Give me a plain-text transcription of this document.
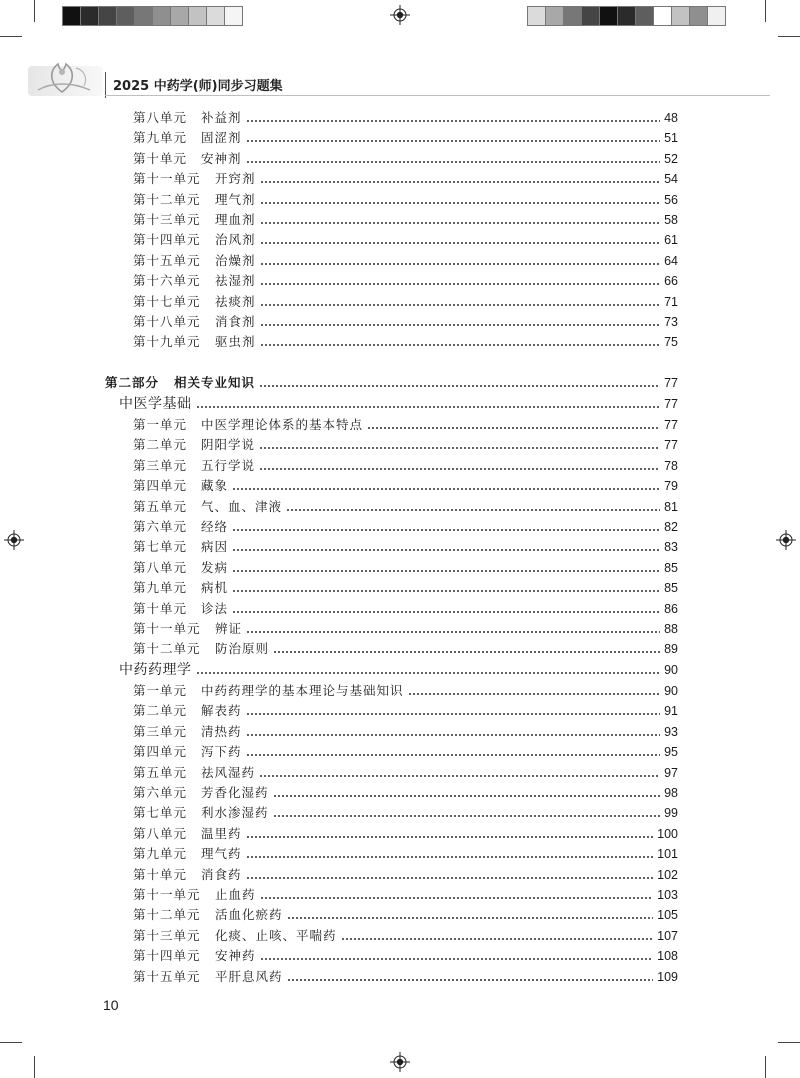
2025 中药学(师)同步习题集
第八单元 补益剂	48
第九单元 固涩剂	51
第十单元 安神剂	52
第十一单元 开窍剂	54
第十二单元 理气剂	56
第十三单元 理血剂	58
第十四单元 治风剂	61
第十五单元 治燥剂	64
第十六单元 祛湿剂	66
第十七单元 祛痰剂	71
第十八单元 消食剂	73
第十九单元 驱虫剂	75
第二部分 相关专业知识	77
中医学基础	77
第一单元 中医学理论体系的基本特点	77
第二单元 阴阳学说	77
第三单元 五行学说	78
第四单元 藏象	79
第五单元 气、血、津液	81
第六单元 经络	82
第七单元 病因	83
第八单元 发病	85
第九单元 病机	85
第十单元 诊法	86
第十一单元 辨证	88
第十二单元 防治原则	89
中药药理学	90
第一单元 中药药理学的基本理论与基础知识	90
第二单元 解表药	91
第三单元 清热药	93
第四单元 泻下药	95
第五单元 祛风湿药	97
第六单元 芳香化湿药	98
第七单元 利水渗湿药	99
第八单元 温里药	100
第九单元 理气药	101
第十单元 消食药	102
第十一单元 止血药	103
第十二单元 活血化瘀药	105
第十三单元 化痰、止咳、平喘药	107
第十四单元 安神药	108
第十五单元 平肝息风药	109
10
